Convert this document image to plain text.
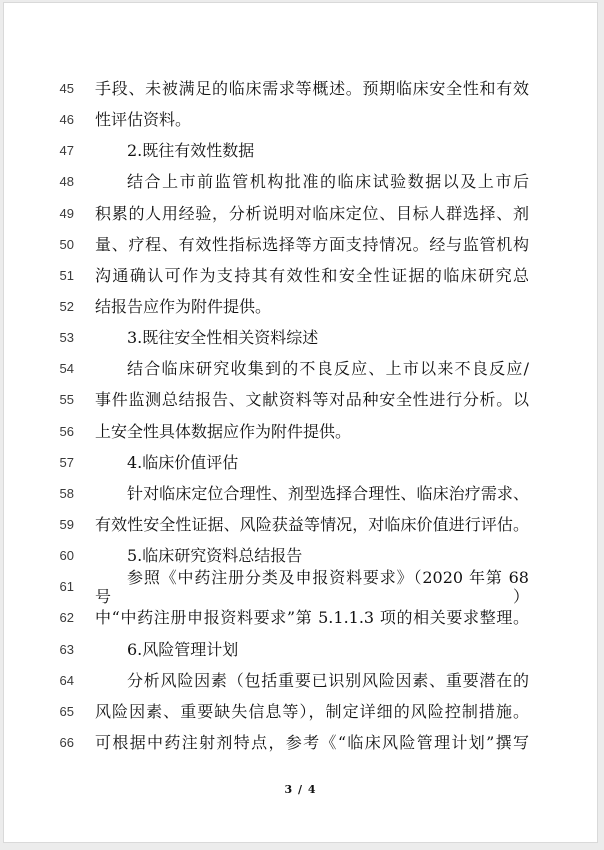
45 手段、未被满足的临床需求等概述。预期临床安全性和有效
46 性评估资料。
47	2.既往有效性数据
48	结合上市前监管机构批准的临床试验数据以及上市后
49 积累的人用经验，分析说明对临床定位、目标人群选择、剂
50 量、疗程、有效性指标选择等方面支持情况。经与监管机构
51 沟通确认可作为支持其有效性和安全性证据的临床研究总
52 结报告应作为附件提供。
53	3.既往安全性相关资料综述
54	结合临床研究收集到的不良反应、上市以来不良反应/
55 事件监测总结报告、文献资料等对品种安全性进行分析。以
56 上安全性具体数据应作为附件提供。
57	4.临床价值评估
58	针对临床定位合理性、剂型选择合理性、临床治疗需求、
59 有效性安全性证据、风险获益等情况，对临床价值进行评估。
60	5.临床研究资料总结报告
61
参照《中药注册分类及申报资料要求》（2020 年第 68 号）
62 中“中药注册申报资料要求”第 5.1.1.3 项的相关要求整理。
63	6.风险管理计划
64	分析风险因素（包括重要已识别风险因素、重要潜在的
65 风险因素、重要缺失信息等），制定详细的风险控制措施。
66 可根据中药注射剂特点，参考《“临床风险管理计划”撰写
3 / 4
